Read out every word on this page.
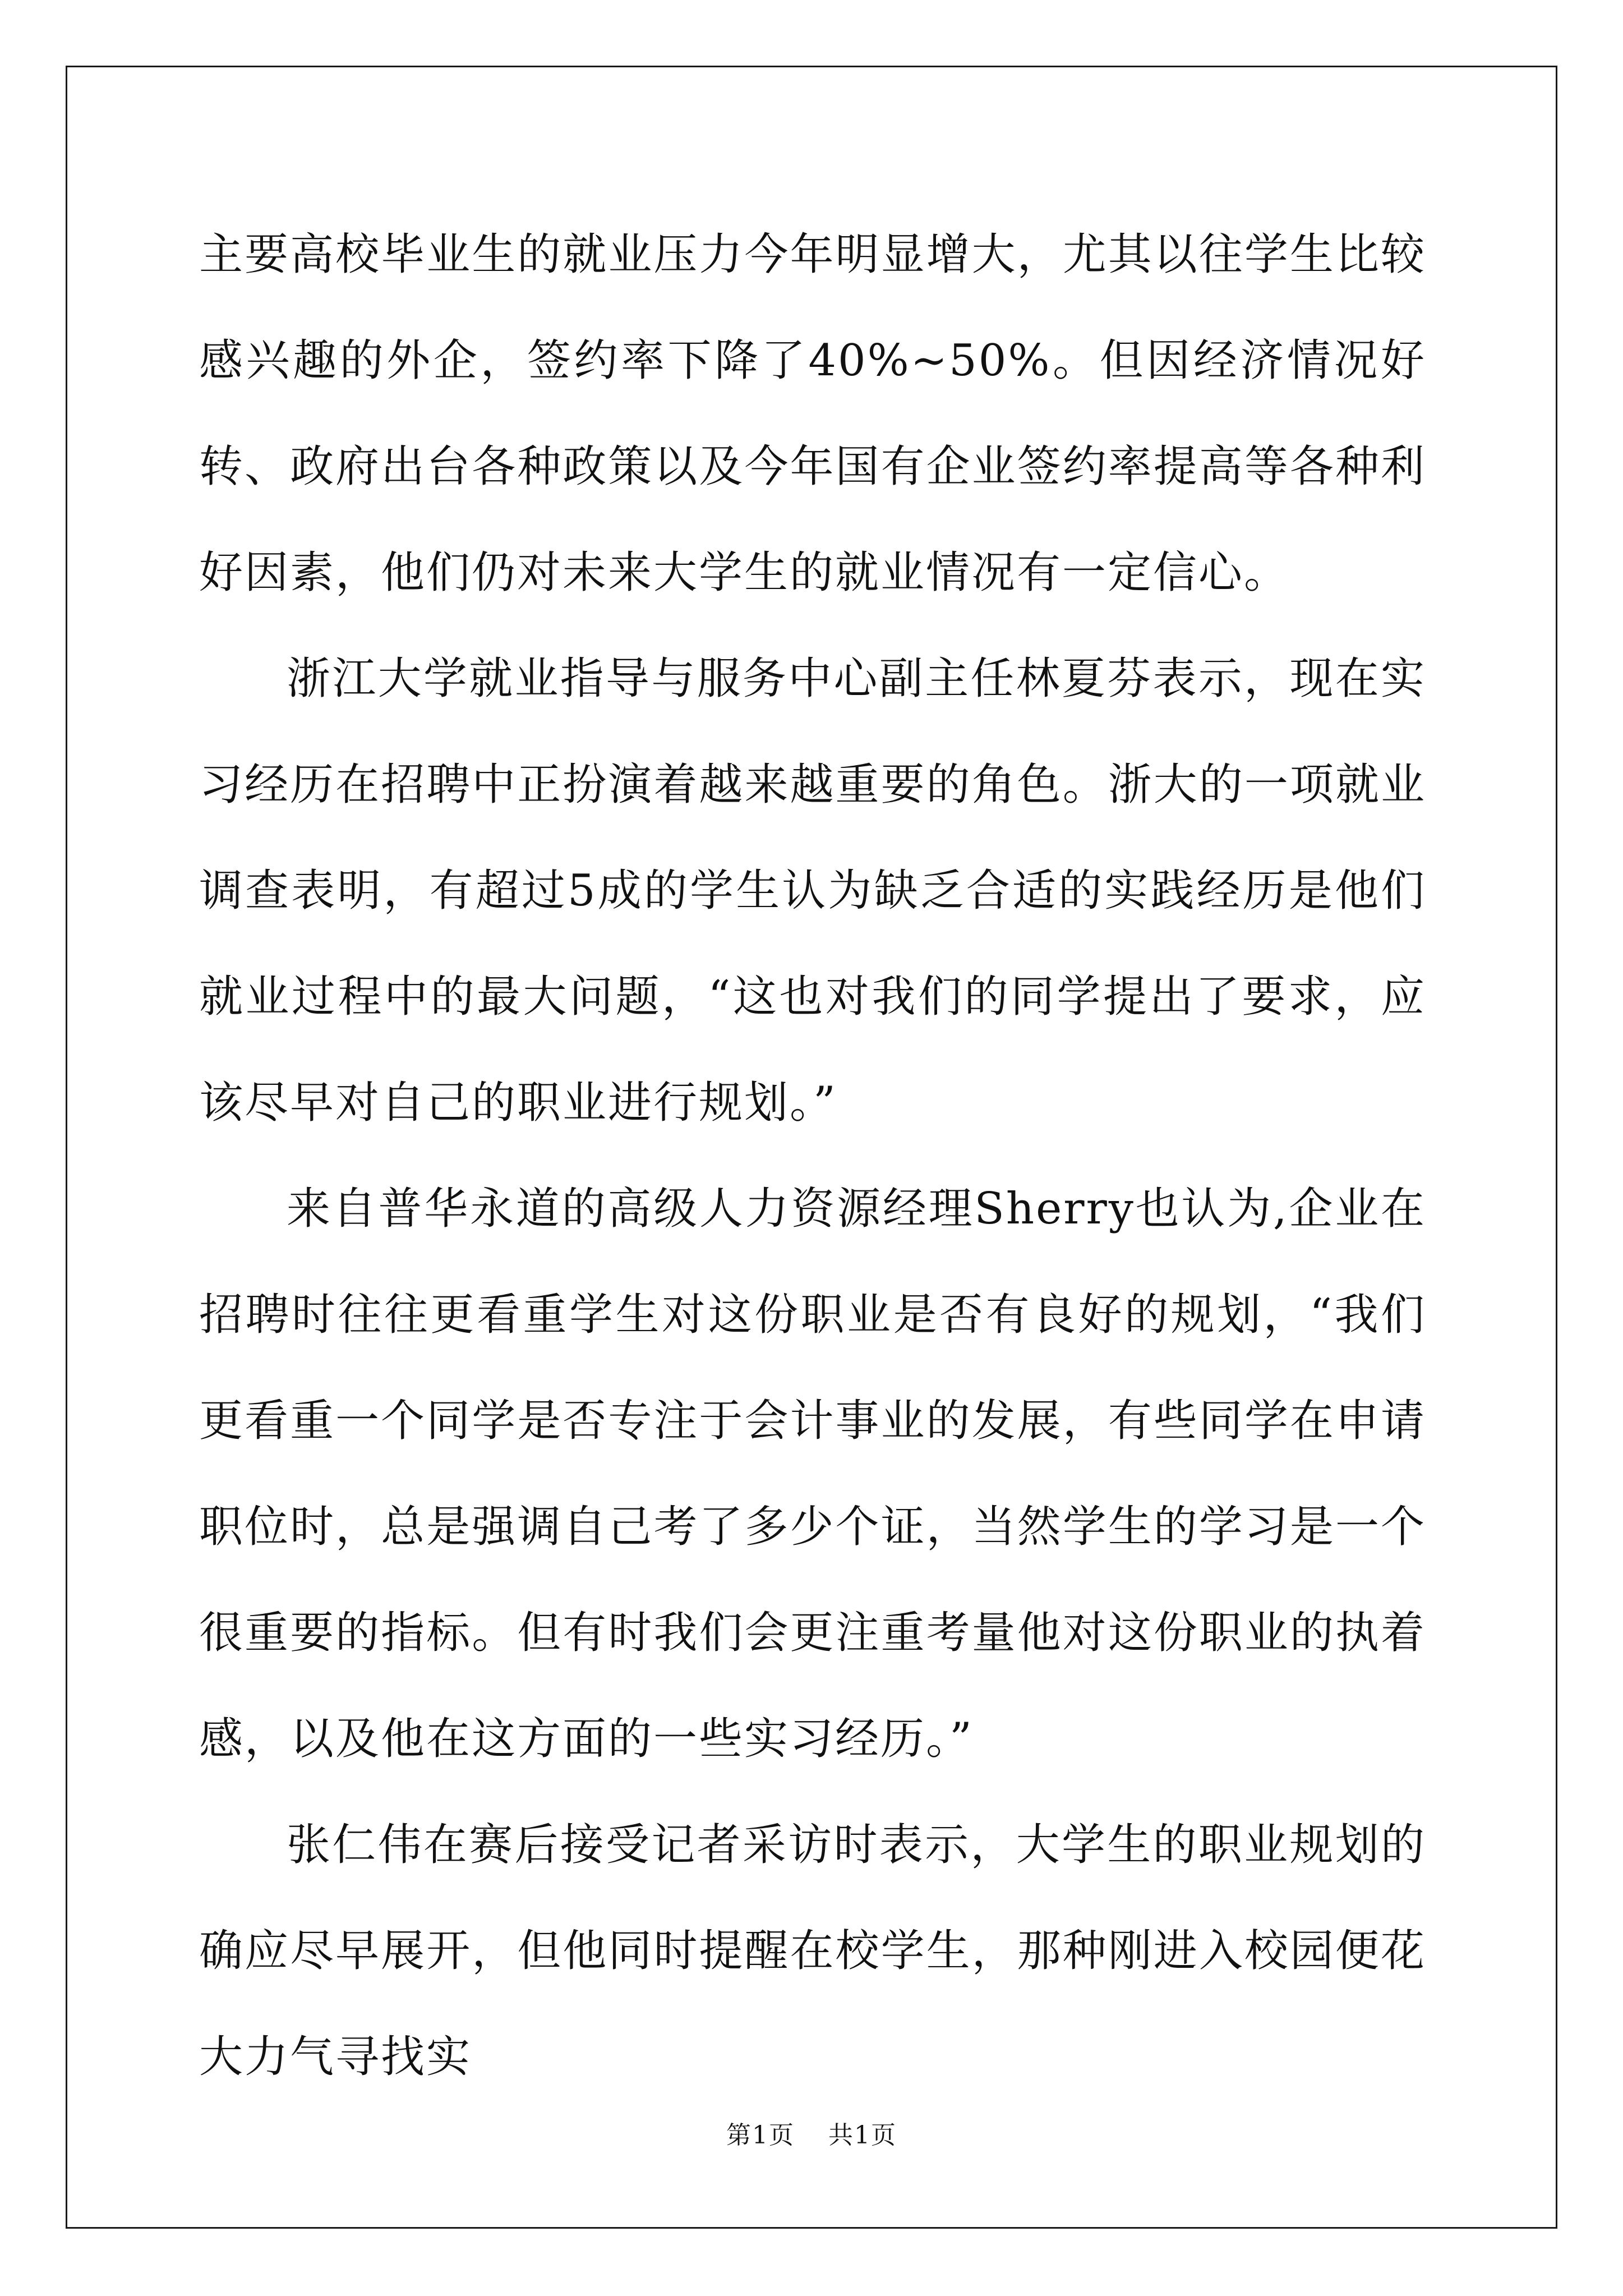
主要高校毕业生的就业压力今年明显增大，尤其以往学生比较感兴趣的外企，签约率下降了40%~50%。但因经济情况好转、政府出台各种政策以及今年国有企业签约率提高等各种利好因素，他们仍对未来大学生的就业情况有一定信心。

浙江大学就业指导与服务中心副主任林夏芬表示，现在实习经历在招聘中正扮演着越来越重要的角色。浙大的一项就业调查表明，有超过5成的学生认为缺乏合适的实践经历是他们就业过程中的最大问题，“这也对我们的同学提出了要求，应该尽早对自己的职业进行规划。”

来自普华永道的高级人力资源经理Sherry也认为,企业在招聘时往往更看重学生对这份职业是否有良好的规划，“我们更看重一个同学是否专注于会计事业的发展，有些同学在申请职位时，总是强调自己考了多少个证，当然学生的学习是一个很重要的指标。但有时我们会更注重考量他对这份职业的执着感，以及他在这方面的一些实习经历。”

张仁伟在赛后接受记者采访时表示，大学生的职业规划的确应尽早展开，但他同时提醒在校学生，那种刚进入校园便花大力气寻找实

第1页 共1页
